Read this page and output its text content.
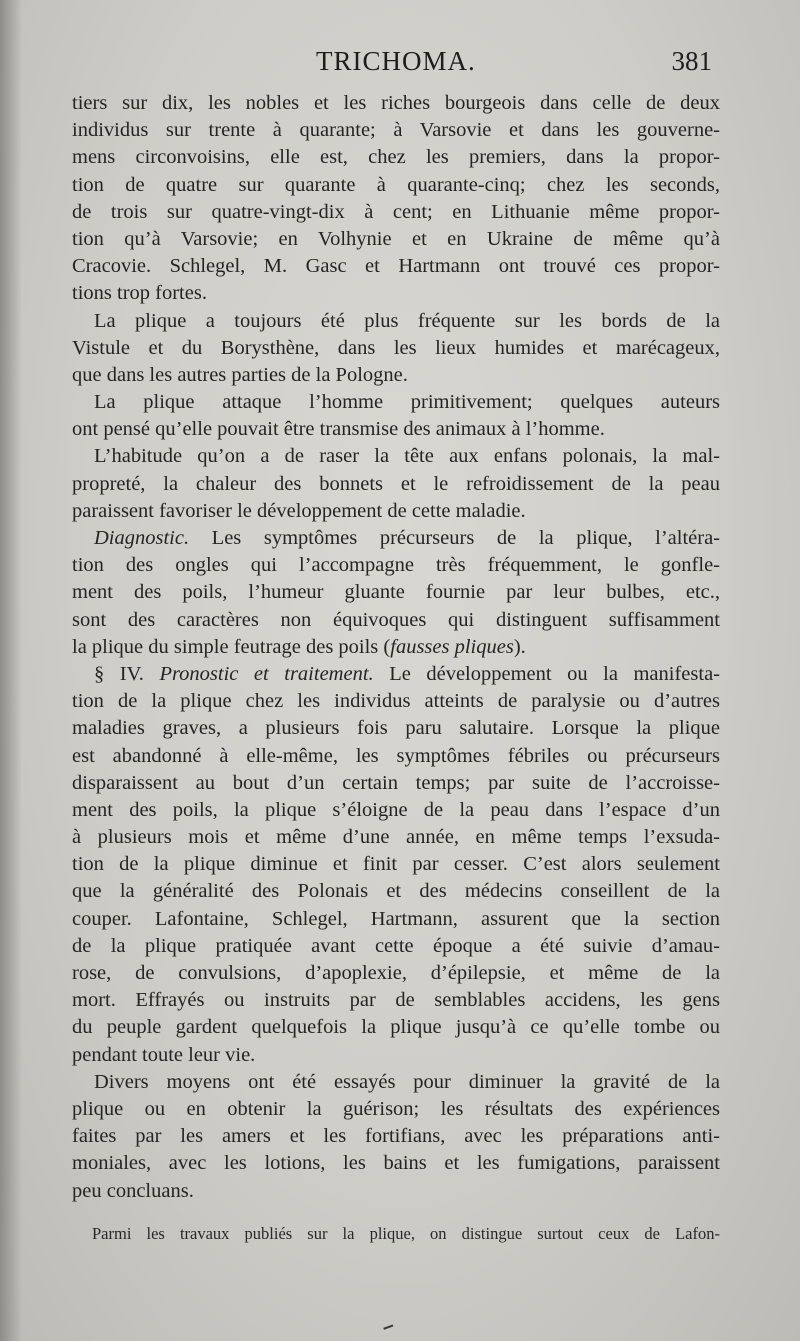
TRICHOMA.	381
tiers sur dix, les nobles et les riches bourgeois dans celle de deux
individus sur trente à quarante; à Varsovie et dans les gouverne-
mens circonvoisins, elle est, chez les premiers, dans la propor-
tion de quatre sur quarante à quarante-cinq; chez les seconds,
de trois sur quatre-vingt-dix à cent; en Lithuanie même propor-
tion qu’à Varsovie; en Volhynie et en Ukraine de même qu’à
Cracovie. Schlegel, M. Gasc et Hartmann ont trouvé ces propor-
tions trop fortes.
La plique a toujours été plus fréquente sur les bords de la
Vistule et du Borysthène, dans les lieux humides et marécageux,
que dans les autres parties de la Pologne.
La plique attaque l’homme primitivement; quelques auteurs
ont pensé qu’elle pouvait être transmise des animaux à l’homme.
L’habitude qu’on a de raser la tête aux enfans polonais, la mal-
propreté, la chaleur des bonnets et le refroidissement de la peau
paraissent favoriser le développement de cette maladie.
Diagnostic. Les symptômes précurseurs de la plique, l’altéra-
tion des ongles qui l’accompagne très fréquemment, le gonfle-
ment des poils, l’humeur gluante fournie par leur bulbes, etc.,
sont des caractères non équivoques qui distinguent suffisamment
la plique du simple feutrage des poils (fausses pliques).
§ IV. Pronostic et traitement. Le développement ou la manifesta-
tion de la plique chez les individus atteints de paralysie ou d’autres
maladies graves, a plusieurs fois paru salutaire. Lorsque la plique
est abandonné à elle-même, les symptômes fébriles ou précurseurs
disparaissent au bout d’un certain temps; par suite de l’accroisse-
ment des poils, la plique s’éloigne de la peau dans l’espace d’un
à plusieurs mois et même d’une année, en même temps l’exsuda-
tion de la plique diminue et finit par cesser. C’est alors seulement
que la généralité des Polonais et des médecins conseillent de la
couper. Lafontaine, Schlegel, Hartmann, assurent que la section
de la plique pratiquée avant cette époque a été suivie d’amau-
rose, de convulsions, d’apoplexie, d’épilepsie, et même de la
mort. Effrayés ou instruits par de semblables accidens, les gens
du peuple gardent quelquefois la plique jusqu’à ce qu’elle tombe ou
pendant toute leur vie.
Divers moyens ont été essayés pour diminuer la gravité de la
plique ou en obtenir la guérison; les résultats des expériences
faites par les amers et les fortifians, avec les préparations anti-
moniales, avec les lotions, les bains et les fumigations, paraissent
peu concluans.
Parmi les travaux publiés sur la plique, on distingue surtout ceux de Lafon-
